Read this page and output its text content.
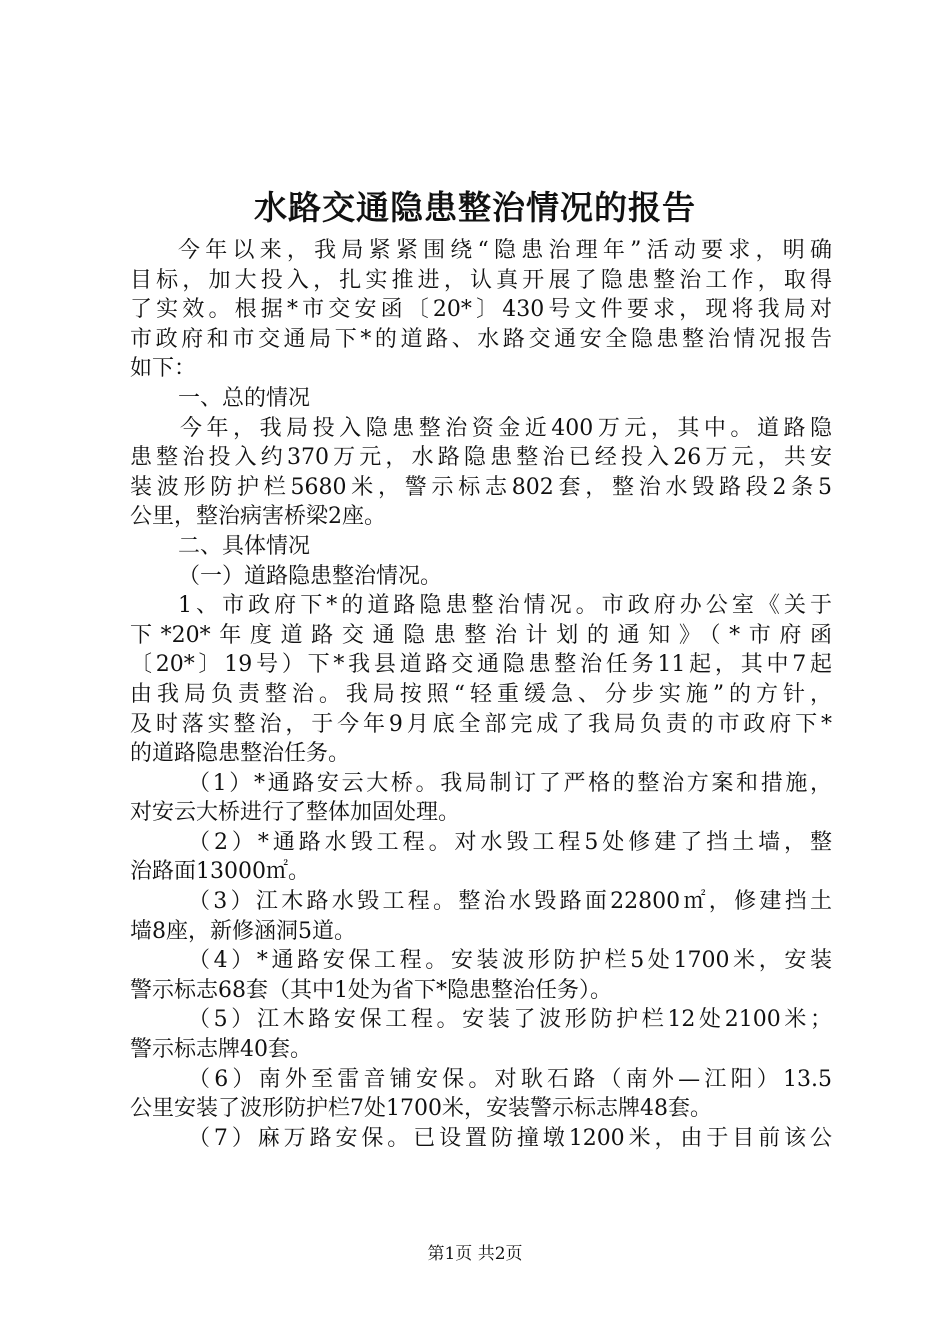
水路交通隐患整治情况的报告
今年以来，我局紧紧围绕“隐患治理年”活动要求，明确
目标，加大投入，扎实推进，认真开展了隐患整治工作，取得
了实效。根据*市交安函〔20*〕430号文件要求，现将我局对
市政府和市交通局下*的道路、水路交通安全隐患整治情况报告
如下：
一、总的情况
今年，我局投入隐患整治资金近400万元，其中。道路隐
患整治投入约370万元，水路隐患整治已经投入26万元，共安
装波形防护栏5680米，警示标志802套，整治水毁路段2条5
公里，整治病害桥梁2座。
二、具体情况
（一）道路隐患整治情况。
1、市政府下*的道路隐患整治情况。市政府办公室《关于
下*20*年度道路交通隐患整治计划的通知》（*市府函
〔20*〕19号）下*我县道路交通隐患整治任务11起，其中7起
由我局负责整治。我局按照“轻重缓急、分步实施”的方针，
及时落实整治，于今年9月底全部完成了我局负责的市政府下*
的道路隐患整治任务。
（1）*通路安云大桥。我局制订了严格的整治方案和措施，
对安云大桥进行了整体加固处理。
（2）*通路水毁工程。对水毁工程5处修建了挡土墙，整
治路面13000㎡。
（3）江木路水毁工程。整治水毁路面22800㎡，修建挡土
墙8座，新修涵洞5道。
（4）*通路安保工程。安装波形防护栏5处1700米，安装
警示标志68套（其中1处为省下*隐患整治任务）。
（5）江木路安保工程。安装了波形防护栏12处2100米；
警示标志牌40套。
（6）南外至雷音铺安保。对耿石路（南外—江阳）13.5
公里安装了波形防护栏7处1700米，安装警示标志牌48套。
（7）麻万路安保。已设置防撞墩1200米，由于目前该公
第1页 共2页
